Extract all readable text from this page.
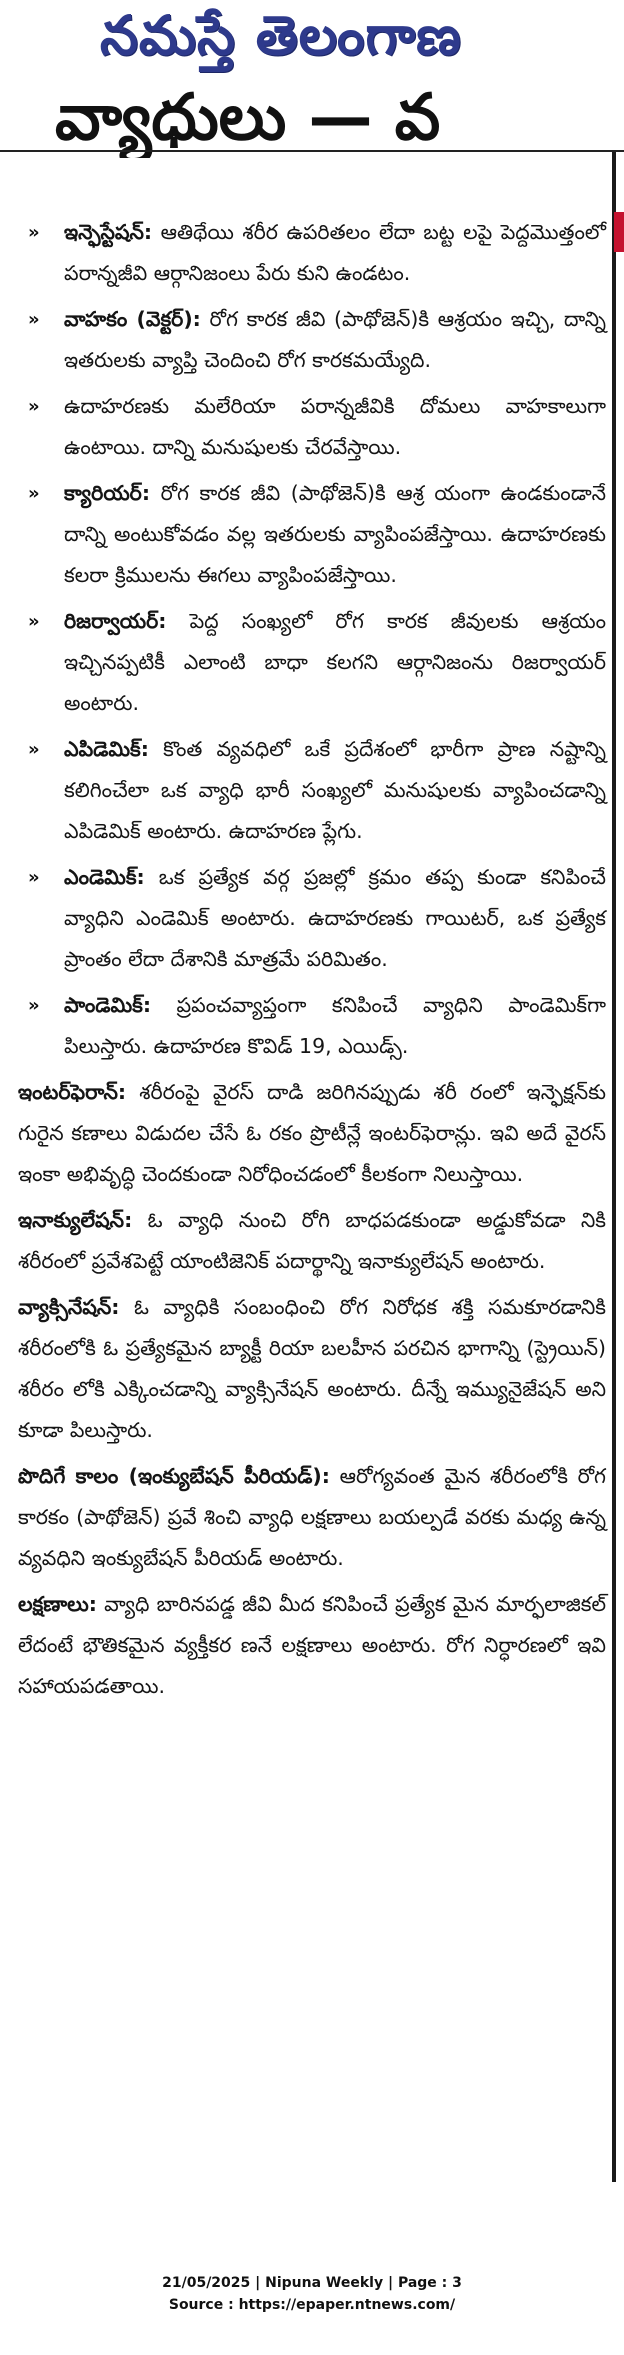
నమస్తే తెలంగాణ
వ్యాధులు — వ
» ఇన్ఫెస్టేషన్: ఆతిథేయి శరీర ఉపరితలం లేదా బట్ట లపై పెద్దమొత్తంలో పరాన్నజీవి ఆర్గానిజంలు పేరు కుని ఉండటం.
» వాహకం (వెక్టర్): రోగ కారక జీవి (పాథోజెన్)కి ఆశ్రయం ఇచ్చి, దాన్ని ఇతరులకు వ్యాప్తి చెందించి రోగ కారకమయ్యేది.
» ఉదాహరణకు మలేరియా పరాన్నజీవికి దోమలు వాహకాలుగా ఉంటాయి. దాన్ని మనుషులకు చేరవేస్తాయి.
» క్యారియర్: రోగ కారక జీవి (పాథోజెన్)కి ఆశ్ర యంగా ఉండకుండానే దాన్ని అంటుకోవడం వల్ల ఇతరులకు వ్యాపింపజేస్తాయి. ఉదాహరణకు కలరా క్రిములను ఈగలు వ్యాపింపజేస్తాయి.
» రిజర్వాయర్: పెద్ద సంఖ్యలో రోగ కారక జీవులకు ఆశ్రయం ఇచ్చినప్పటికీ ఎలాంటి బాధా కలగని ఆర్గానిజంను రిజర్వాయర్ అంటారు.
» ఎపిడెమిక్: కొంత వ్యవధిలో ఒకే ప్రదేశంలో భారీగా ప్రాణ నష్టాన్ని కలిగించేలా ఒక వ్యాధి భారీ సంఖ్యలో మనుషులకు వ్యాపించడాన్ని ఎపిడెమిక్ అంటారు. ఉదాహరణ ప్లేగు.
» ఎండెమిక్: ఒక ప్రత్యేక వర్గ ప్రజల్లో క్రమం తప్ప కుండా కనిపించే వ్యాధిని ఎండెమిక్ అంటారు. ఉదాహరణకు గాయిటర్, ఒక ప్రత్యేక ప్రాంతం లేదా దేశానికి మాత్రమే పరిమితం.
» పాండెమిక్: ప్రపంచవ్యాప్తంగా కనిపించే వ్యాధిని పాండెమిక్‌గా పిలుస్తారు. ఉదాహరణ కొవిడ్ 19, ఎయిడ్స్.
ఇంటర్‌ఫెరాన్: శరీరంపై వైరస్ దాడి జరిగినప్పుడు శరీ రంలో ఇన్ఫెక్షన్‌కు గురైన కణాలు విడుదల చేసే ఓ రకం ప్రొటీన్లే ఇంటర్‌ఫెరాన్లు. ఇవి అదే వైరస్ ఇంకా అభివృద్ధి చెందకుండా నిరోధించడంలో కీలకంగా నిలుస్తాయి.
ఇనాక్యులేషన్: ఓ వ్యాధి నుంచి రోగి బాధపడకుండా అడ్డుకోవడా నికి శరీరంలో ప్రవేశపెట్టే యాంటిజెనిక్ పదార్థాన్ని ఇనాక్యులేషన్ అంటారు.
వ్యాక్సినేషన్: ఓ వ్యాధికి సంబంధించి రోగ నిరోధక శక్తి సమకూరడానికి శరీరంలోకి ఓ ప్రత్యేకమైన బ్యాక్టీ రియా బలహీన పరచిన భాగాన్ని (స్ట్రెయిన్) శరీరం లోకి ఎక్కించడాన్ని వ్యాక్సినేషన్ అంటారు. దీన్నే ఇమ్యునైజేషన్ అని కూడా పిలుస్తారు.
పొదిగే కాలం (ఇంక్యుబేషన్ పీరియడ్): ఆరోగ్యవంత మైన శరీరంలోకి రోగ కారకం (పాథోజెన్) ప్రవే శించి వ్యాధి లక్షణాలు బయల్పడే వరకు మధ్య ఉన్న వ్యవధిని ఇంక్యుబేషన్ పీరియడ్ అంటారు.
లక్షణాలు: వ్యాధి బారినపడ్డ జీవి మీద కనిపించే ప్రత్యేక మైన మార్ఫలాజికల్ లేదంటే భౌతికమైన వ్యక్తీకర ణనే లక్షణాలు అంటారు. రోగ నిర్ధారణలో ఇవి సహాయపడతాయి.
21/05/2025 | Nipuna Weekly | Page : 3
Source : https://epaper.ntnews.com/
